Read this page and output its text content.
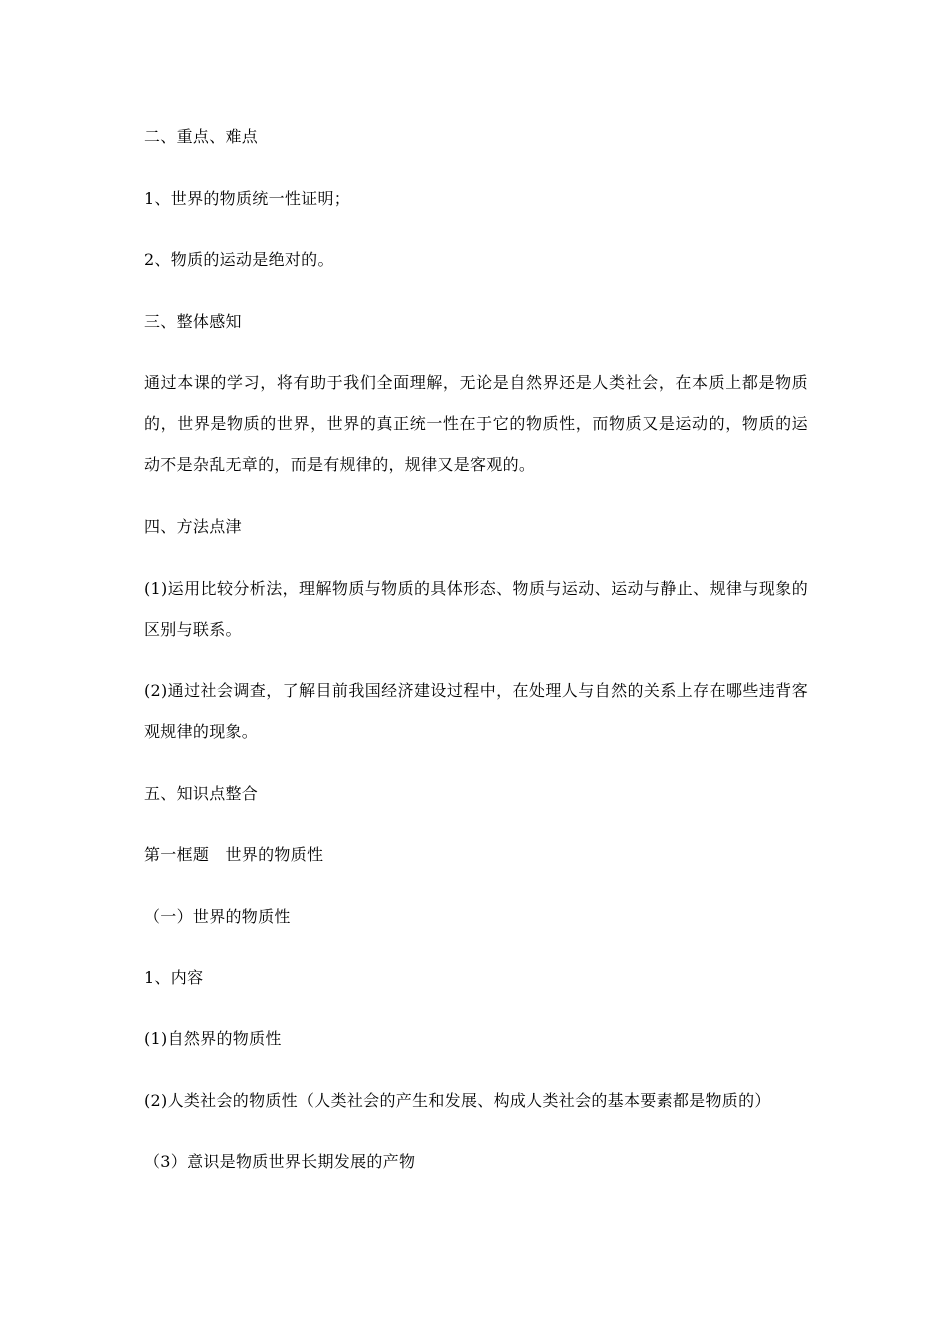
二、重点、难点

1、世界的物质统一性证明；

2、物质的运动是绝对的。

三、整体感知

通过本课的学习，将有助于我们全面理解，无论是自然界还是人类社会，在本质上都是物质的，世界是物质的世界，世界的真正统一性在于它的物质性，而物质又是运动的，物质的运动不是杂乱无章的，而是有规律的，规律又是客观的。

四、方法点津

(1)运用比较分析法，理解物质与物质的具体形态、物质与运动、运动与静止、规律与现象的区别与联系。

(2)通过社会调查，了解目前我国经济建设过程中，在处理人与自然的关系上存在哪些违背客观规律的现象。

五、知识点整合

第一框题　世界的物质性

（一）世界的物质性

1、内容

(1)自然界的物质性

(2)人类社会的物质性（人类社会的产生和发展、构成人类社会的基本要素都是物质的）

（3）意识是物质世界长期发展的产物
